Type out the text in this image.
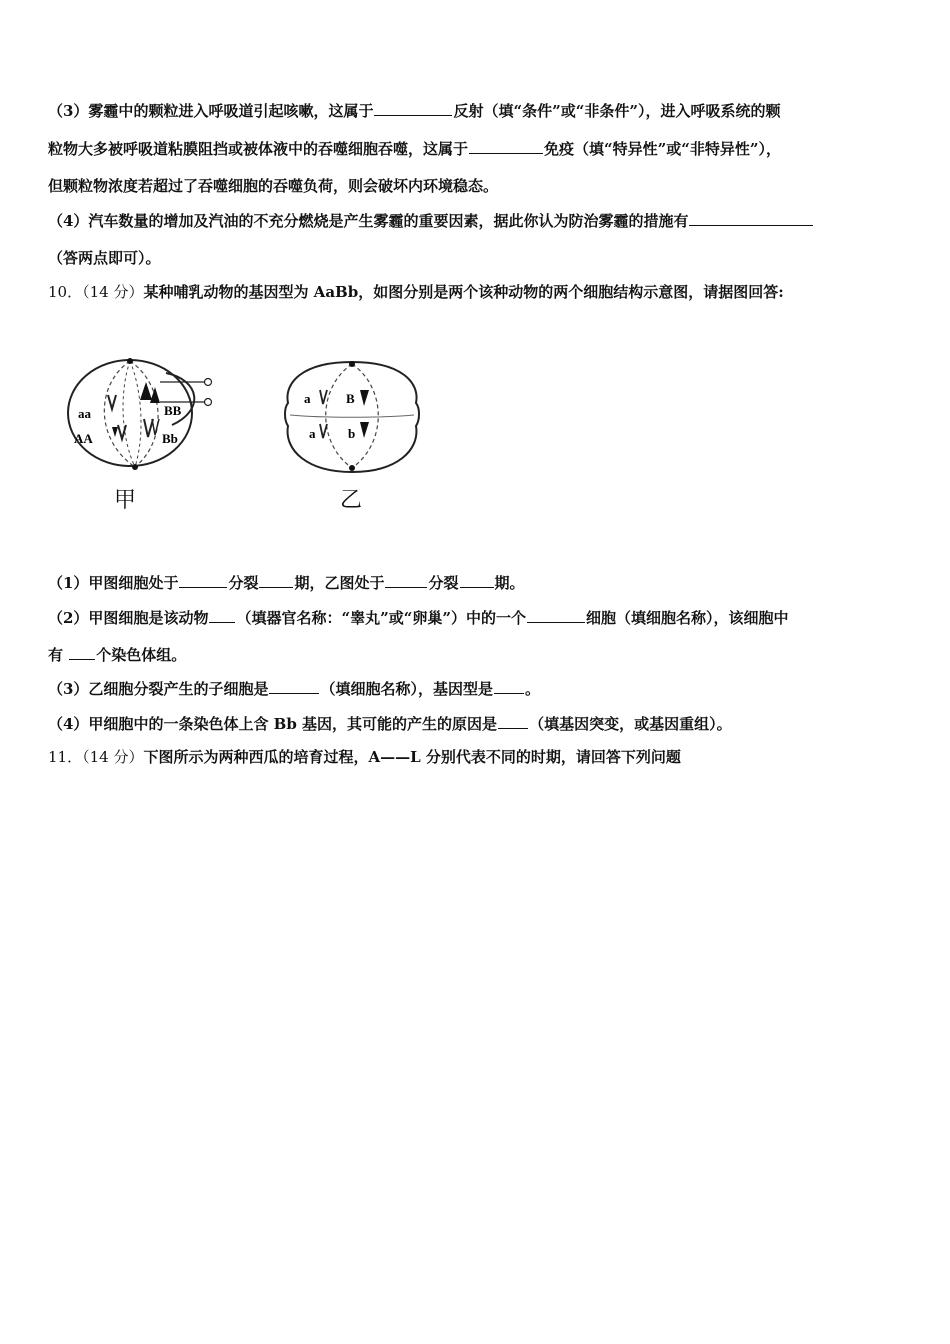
（3）雾霾中的颗粒进入呼吸道引起咳嗽，这属于	反射（填“条件”或“非条件”），进入呼吸系统的颗
粒物大多被呼吸道粘膜阻挡或被体液中的吞噬细胞吞噬，这属于	免疫（填“特异性”或“非特异性”），
但颗粒物浓度若超过了吞噬细胞的吞噬负荷，则会破坏内环境稳态。
（4）汽车数量的增加及汽油的不充分燃烧是产生雾霾的重要因素，据此你认为防治雾霾的措施有
（答两点即可）。
10．（14 分）某种哺乳动物的基因型为 AaBb，如图分别是两个该种动物的两个细胞结构示意图，请据图回答:
aa	BB
AA	Bb
甲
a	B
a	b
乙
（1）甲图细胞处于	分裂 期，乙图处于	分裂 期。
（2）甲图细胞是该动物 （填器官名称：“睾丸”或“卵巢”）中的一个	细胞（填细胞名称），该细胞中
有 个染色体组。
（3）乙细胞分裂产生的子细胞是	（填细胞名称），基因型是 。
（4）甲细胞中的一条染色体上含 Bb 基因，其可能的产生的原因是 （填基因突变，或基因重组）。
11．（14 分）下图所示为两种西瓜的培育过程，A——L 分别代表不同的时期，请回答下列问题
